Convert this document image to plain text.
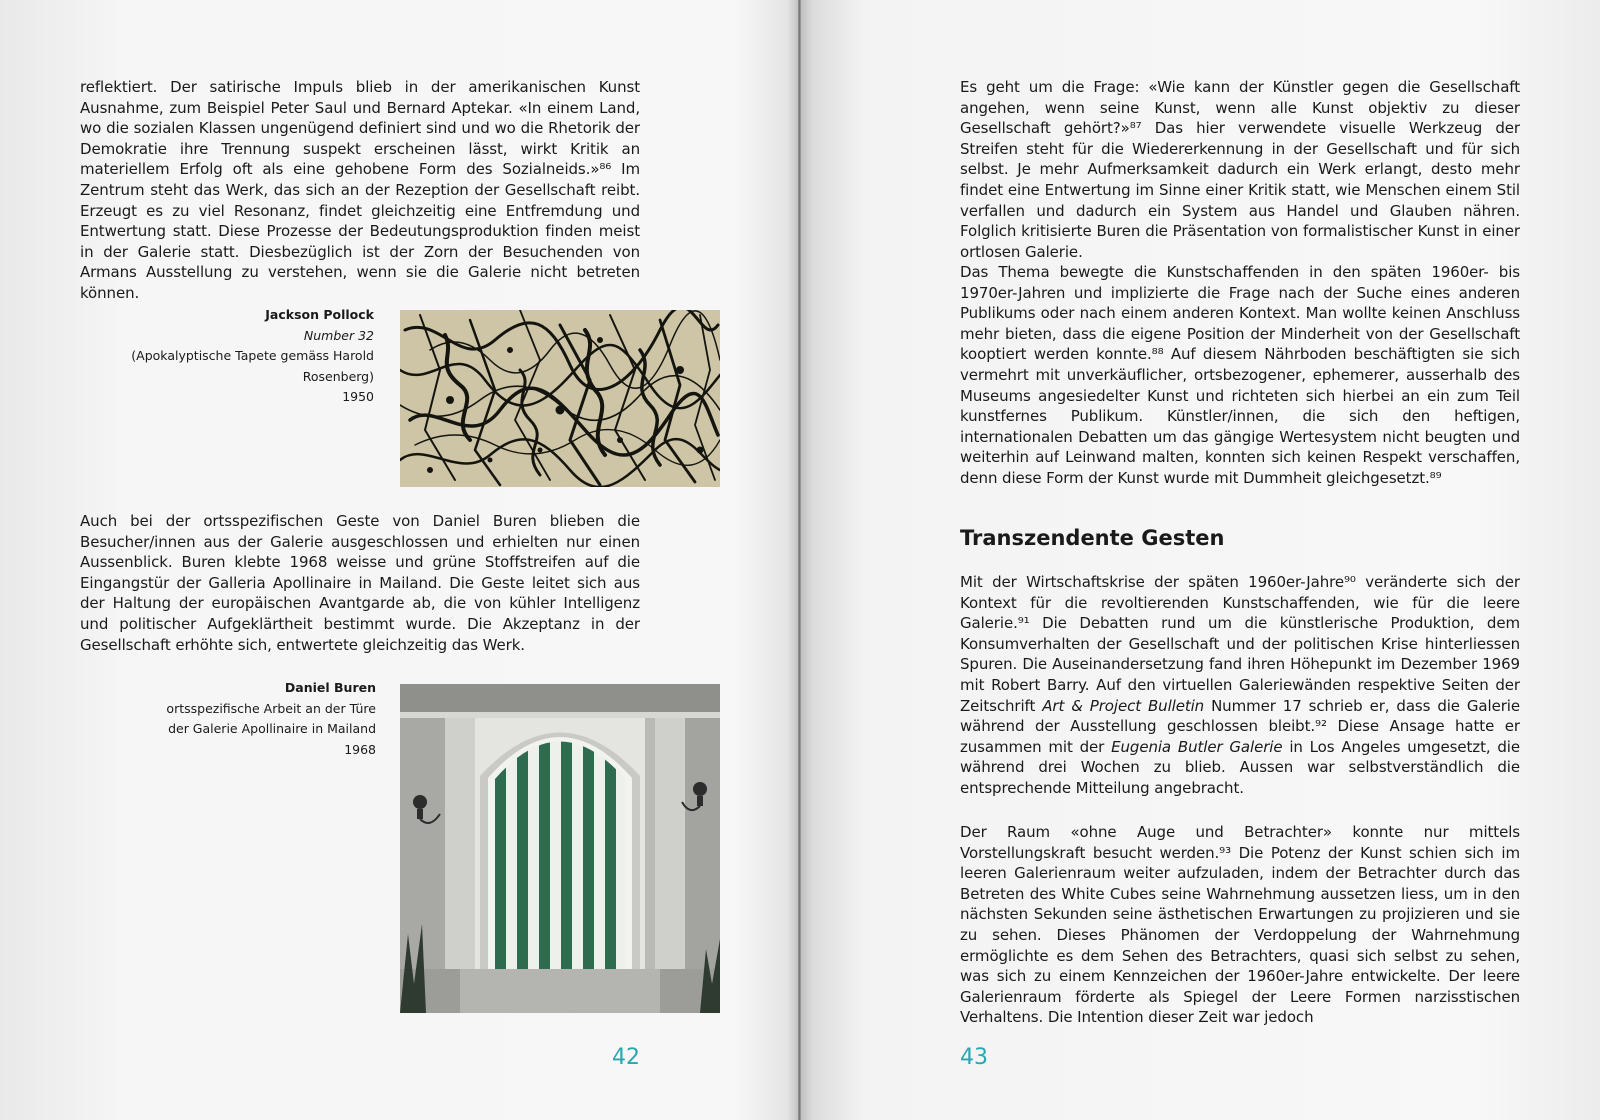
reflektiert. Der satirische Impuls blieb in der amerikanischen Kunst Ausnahme, zum Beispiel Peter Saul und Bernard Aptekar. «In einem Land, wo die sozialen Klassen ungenügend definiert sind und wo die Rhetorik der Demokratie ihre Trennung suspekt erscheinen lässt, wirkt Kritik an materiellem Erfolg oft als eine gehobene Form des Sozialneids.»⁸⁶ Im Zentrum steht das Werk, das sich an der Rezeption der Gesellschaft reibt. Erzeugt es zu viel Resonanz, findet gleichzeitig eine Entfremdung und Entwertung statt. Diese Prozesse der Bedeutungsproduktion finden meist in der Galerie statt. Diesbezüglich ist der Zorn der Besuchenden von Armans Ausstellung zu verstehen, wenn sie die Galerie nicht betreten können.

Jackson Pollock
Number 32
(Apokalyptische Tapete gemäss Harold Rosenberg)
1950

Auch bei der ortsspezifischen Geste von Daniel Buren blieben die Besucher/innen aus der Galerie ausgeschlossen und erhielten nur einen Aussenblick. Buren klebte 1968 weisse und grüne Stoffstreifen auf die Eingangstür der Galleria Apollinaire in Mailand. Die Geste leitet sich aus der Haltung der europäischen Avantgarde ab, die von kühler Intelligenz und politischer Aufgeklärtheit bestimmt wurde. Die Akzeptanz in der Gesellschaft erhöhte sich, entwertete gleichzeitig das Werk.

Daniel Buren
ortsspezifische Arbeit an der Türe
der Galerie Apollinaire in Mailand
1968
42

Es geht um die Frage: «Wie kann der Künstler gegen die Gesellschaft angehen, wenn seine Kunst, wenn alle Kunst objektiv zu dieser Gesellschaft gehört?»⁸⁷ Das hier verwendete visuelle Werkzeug der Streifen steht für die Wiedererkennung in der Gesellschaft und für sich selbst. Je mehr Aufmerksamkeit dadurch ein Werk erlangt, desto mehr findet eine Entwertung im Sinne einer Kritik statt, wie Menschen einem Stil verfallen und dadurch ein System aus Handel und Glauben nähren. Folglich kritisierte Buren die Präsentation von formalistischer Kunst in einer ortlosen Galerie.

Das Thema bewegte die Kunstschaffenden in den späten 1960er- bis 1970er-Jahren und implizierte die Frage nach der Suche eines anderen Publikums oder nach einem anderen Kontext. Man wollte keinen Anschluss mehr bieten, dass die eigene Position der Minderheit von der Gesellschaft kooptiert werden konnte.⁸⁸ Auf diesem Nährboden beschäftigten sie sich vermehrt mit unverkäuflicher, ortsbezogener, ephemerer, ausserhalb des Museums angesiedelter Kunst und richteten sich hierbei an ein zum Teil kunstfernes Publikum. Künstler/innen, die sich den heftigen, internationalen Debatten um das gängige Wertesystem nicht beugten und weiterhin auf Leinwand malten, konnten sich keinen Respekt verschaffen, denn diese Form der Kunst wurde mit Dummheit gleichgesetzt.⁸⁹

Transzendente Gesten

Mit der Wirtschaftskrise der späten 1960er-Jahre⁹⁰ veränderte sich der Kontext für die revoltierenden Kunstschaffenden, wie für die leere Galerie.⁹¹ Die Debatten rund um die künstlerische Produktion, dem Konsumverhalten der Gesellschaft und der politischen Krise hinterliessen Spuren. Die Auseinandersetzung fand ihren Höhepunkt im Dezember 1969 mit Robert Barry. Auf den virtuellen Galeriewänden respektive Seiten der Zeitschrift Art & Project Bulletin Nummer 17 schrieb er, dass die Galerie während der Ausstellung geschlossen bleibt.⁹² Diese Ansage hatte er zusammen mit der Eugenia Butler Galerie in Los Angeles umgesetzt, die während drei Wochen zu blieb. Aussen war selbstverständlich die entsprechende Mitteilung angebracht.

Der Raum «ohne Auge und Betrachter» konnte nur mittels Vorstellungskraft besucht werden.⁹³ Die Potenz der Kunst schien sich im leeren Galerienraum weiter aufzuladen, indem der Betrachter durch das Betreten des White Cubes seine Wahrnehmung aussetzen liess, um in den nächsten Sekunden seine ästhetischen Erwartungen zu projizieren und sie zu sehen. Dieses Phänomen der Verdoppelung der Wahrnehmung ermöglichte es dem Sehen des Betrachters, quasi sich selbst zu sehen, was sich zu einem Kennzeichen der 1960er-Jahre entwickelte. Der leere Galerienraum förderte als Spiegel der Leere Formen narzisstischen Verhaltens. Die Intention dieser Zeit war jedoch

43
